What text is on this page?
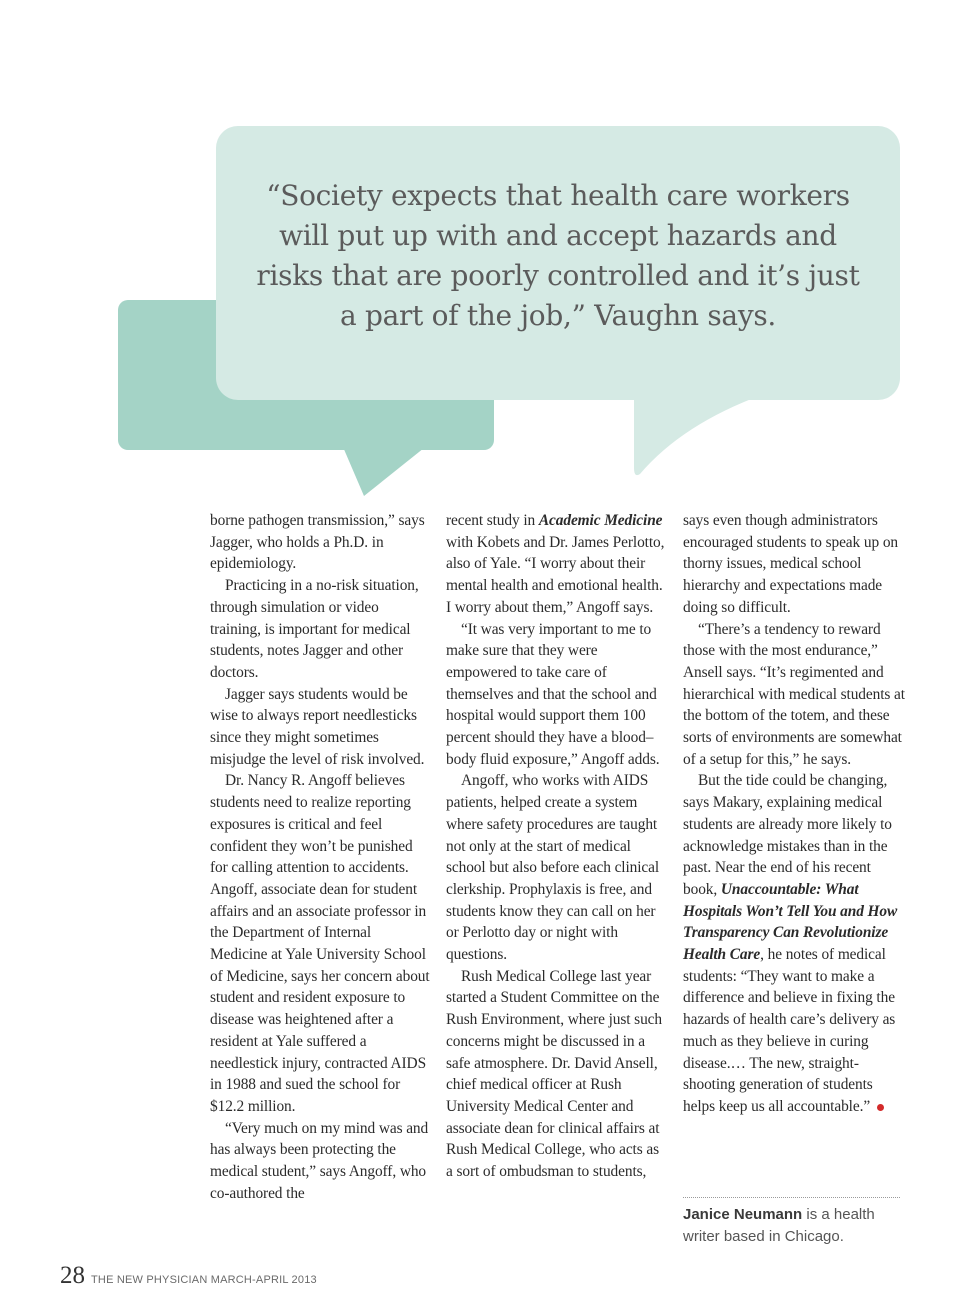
“Society expects that health care workers will put up with and accept hazards and risks that are poorly controlled and it’s just a part of the job,” Vaughn says.
borne pathogen transmission,” says Jagger, who holds a Ph.D. in epidemiology.
Practicing in a no-risk situation, through simulation or video training, is important for medical students, notes Jagger and other doctors.
Jagger says students would be wise to always report needlesticks since they might sometimes misjudge the level of risk involved.
Dr. Nancy R. Angoff believes students need to realize reporting exposures is critical and feel confident they won’t be punished for calling attention to accidents. Angoff, associate dean for student affairs and an associate professor in the Department of Internal Medicine at Yale University School of Medicine, says her concern about student and resident exposure to disease was heightened after a resident at Yale suffered a needlestick injury, contracted AIDS in 1988 and sued the school for $12.2 million.
“Very much on my mind was and has always been protecting the medical student,” says Angoff, who co-authored the
recent study in Academic Medicine with Kobets and Dr. James Perlotto, also of Yale. “I worry about their mental health and emotional health. I worry about them,” Angoff says.
“It was very important to me to make sure that they were empowered to take care of themselves and that the school and hospital would support them 100 percent should they have a blood–body fluid exposure,” Angoff adds.
Angoff, who works with AIDS patients, helped create a system where safety procedures are taught not only at the start of medical school but also before each clinical clerkship. Prophylaxis is free, and students know they can call on her or Perlotto day or night with questions.
Rush Medical College last year started a Student Committee on the Rush Environment, where just such concerns might be discussed in a safe atmosphere. Dr. David Ansell, chief medical officer at Rush University Medical Center and associate dean for clinical affairs at Rush Medical College, who acts as a sort of ombudsman to students,
says even though administrators encouraged students to speak up on thorny issues, medical school hierarchy and expectations made doing so difficult.
“There’s a tendency to reward those with the most endurance,” Ansell says. “It’s regimented and hierarchical with medical students at the bottom of the totem, and these sorts of environments are somewhat of a setup for this,” he says.
But the tide could be changing, says Makary, explaining medical students are already more likely to acknowledge mistakes than in the past. Near the end of his recent book, Unaccountable: What Hospitals Won’t Tell You and How Transparency Can Revolutionize Health Care, he notes of medical students: “They want to make a difference and believe in fixing the hazards of health care’s delivery as much as they believe in curing disease.… The new, straight-shooting generation of students helps keep us all accountable.”
Janice Neumann is a health writer based in Chicago.
28 THE NEW PHYSICIAN MARCH-APRIL 2013
